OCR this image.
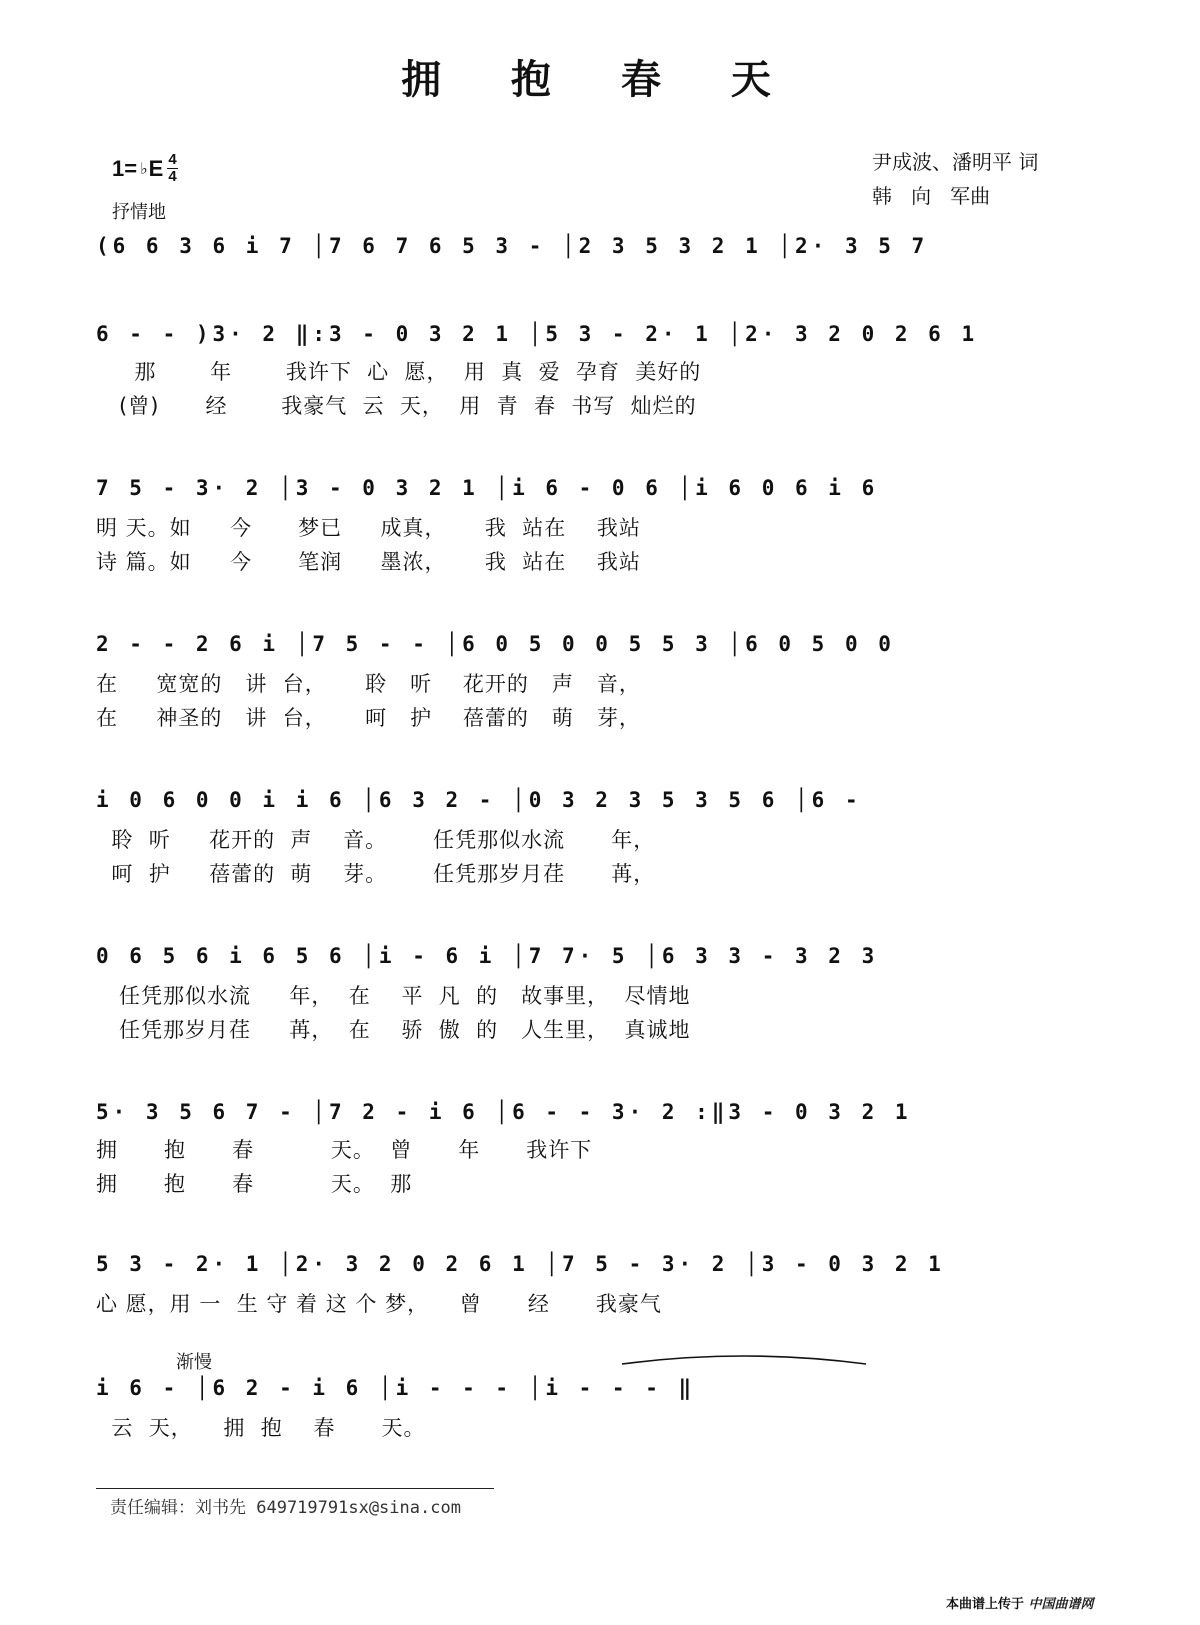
拥 抱 春 天
1= ♭ E 4
4
抒情地
尹成波、潘明平 词
韩   向   军曲
(6 6 3 6 i 7 │7 6 7 6 5 3 - │2 3 5 3 2 1 │2· 3 5 7
6 - - )3· 2 ‖:3 - 0 3 2 1 │5 3 - 2· 1 │2· 3 2 0 2 6 1
那       年       我许下  心  愿，  用  真  爱  孕育  美好的
(曾)      经       我豪气  云  天，  用  青  春  书写  灿烂的
7 5 - 3· 2 │3 - 0 3 2 1 │i 6 - 0 6 │i 6 0 6 i 6
明 天。如     今      梦已     成真，     我  站在    我站
诗 篇。如     今      笔润     墨浓，     我  站在    我站
2 - - 2 6 i │7 5 - - │6 0 5 0 0 5 5 3 │6 0 5 0 0
在     宽宽的   讲  台，     聆   听    花开的   声   音，
在     神圣的   讲  台，     呵   护    蓓蕾的   萌   芽，
i 0 6 0 0 i i 6 │6 3 2 - │0 3 2 3 5 3 5 6 │6 -
聆  听     花开的  声    音。      任凭那似水流      年，
呵  护     蓓蕾的  萌    芽。      任凭那岁月荏      苒，
0 6 5 6 i 6 5 6 │i - 6 i │7 7· 5 │6 3 3 - 3 2 3
任凭那似水流     年，  在    平  凡  的   故事里，  尽情地
任凭那岁月荏     苒，  在    骄  傲  的   人生里，  真诚地
5· 3 5 6 7 - │7 2 - i 6 │6 - - 3· 2 :‖3 - 0 3 2 1
拥      抱      春          天。  曾      年      我许下
拥      抱      春          天。  那
5 3 - 2· 1 │2· 3 2 0 2 6 1 │7 5 - 3· 2 │3 - 0 3 2 1
心 愿，用 一  生 守 着 这 个 梦，    曾      经      我豪气
渐慢
i 6 - │6 2 - i 6 │i - - - │i - - - ‖
云  天，    拥  抱    春      天。
责任编辑：刘书先 649719791sx@sina.com
本曲谱上传于 中国曲谱网
